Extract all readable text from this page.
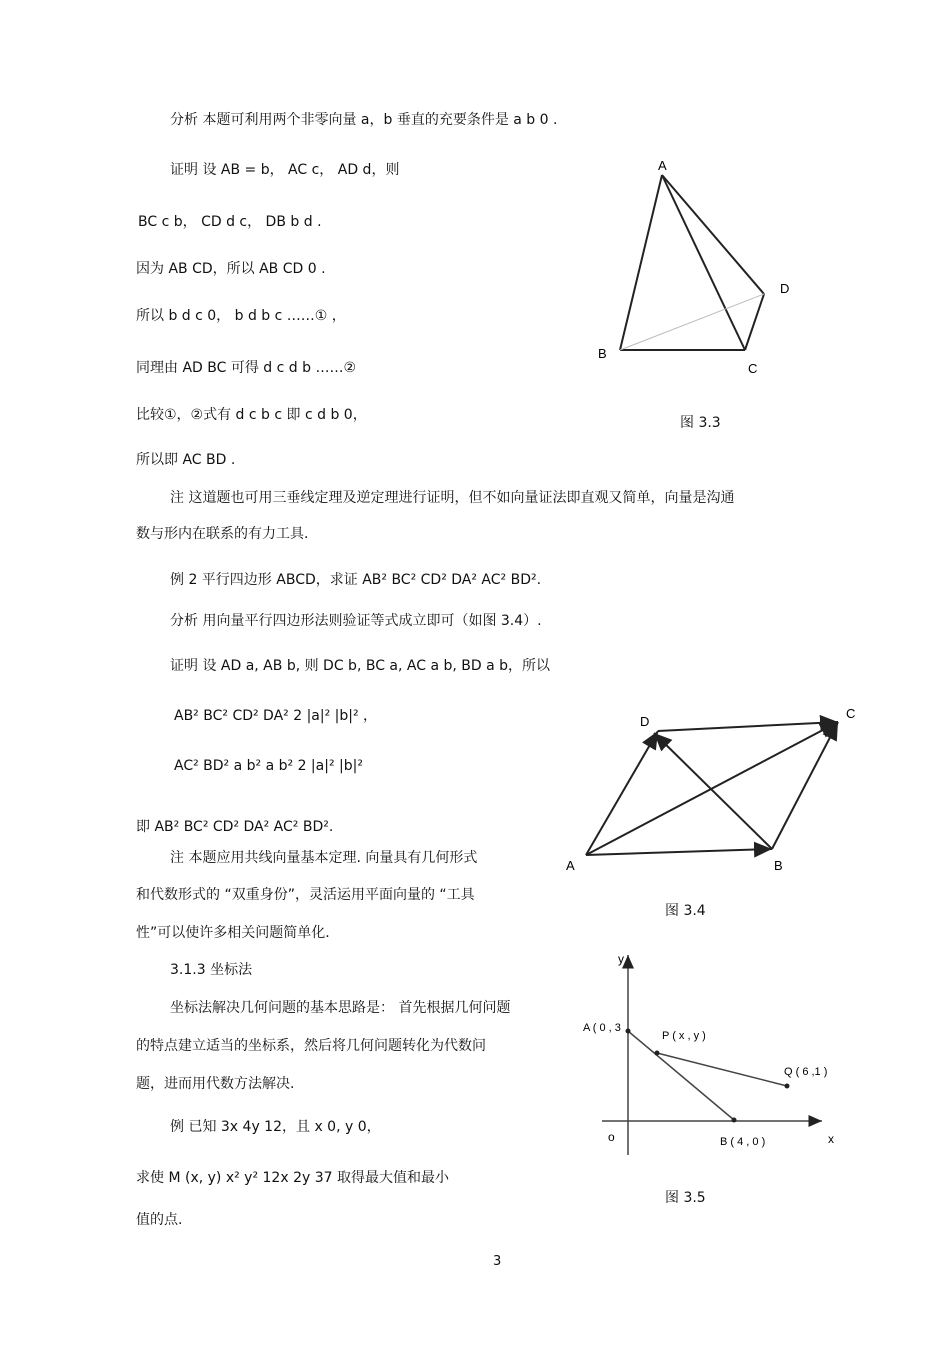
分析 本题可利用两个非零向量 a，b 垂直的充要条件是 a b 0 .
证明 设 AB = b， AC c， AD d，则
BC c b， CD d c， DB b d .
因为 AB CD，所以 AB CD 0 .
所以 b d c 0， b d b c ……① ，
同理由 AD BC 可得 d c d b ……②
比较①，②式有 d c b c 即 c d b 0，
所以即 AC BD .
注 这道题也可用三垂线定理及逆定理进行证明，但不如向量证法即直观又简单，向量是沟通
数与形内在联系的有力工具.
例 2 平行四边形 ABCD，求证 AB² BC² CD² DA² AC² BD².
分析 用向量平行四边形法则验证等式成立即可（如图 3.4）.
证明 设 AD a, AB b, 则 DC b, BC a, AC a b, BD a b，所以
AB² BC² CD² DA² 2 |a|² |b|² ，
AC² BD² a b² a b² 2 |a|² |b|²
即 AB² BC² CD² DA² AC² BD².
注 本题应用共线向量基本定理. 向量具有几何形式
和代数形式的 “双重身份”，灵活运用平面向量的 “工具
性”可以使许多相关问题简单化.
3.1.3 坐标法
坐标法解决几何问题的基本思路是： 首先根据几何问题
的特点建立适当的坐标系，然后将几何问题转化为代数问
题，进而用代数方法解决.
例 已知 3x 4y 12，且 x 0, y 0，
求使 M (x, y) x² y² 12x 2y 37 取得最大值和最小
值的点.
A
B
C
D
图 3.3
D
C
A	B
图 3.4
y
x
o
A ( 0 , 3
P ( x , y )
Q ( 6 ,1 )
B ( 4 , 0 )
图 3.5
3
